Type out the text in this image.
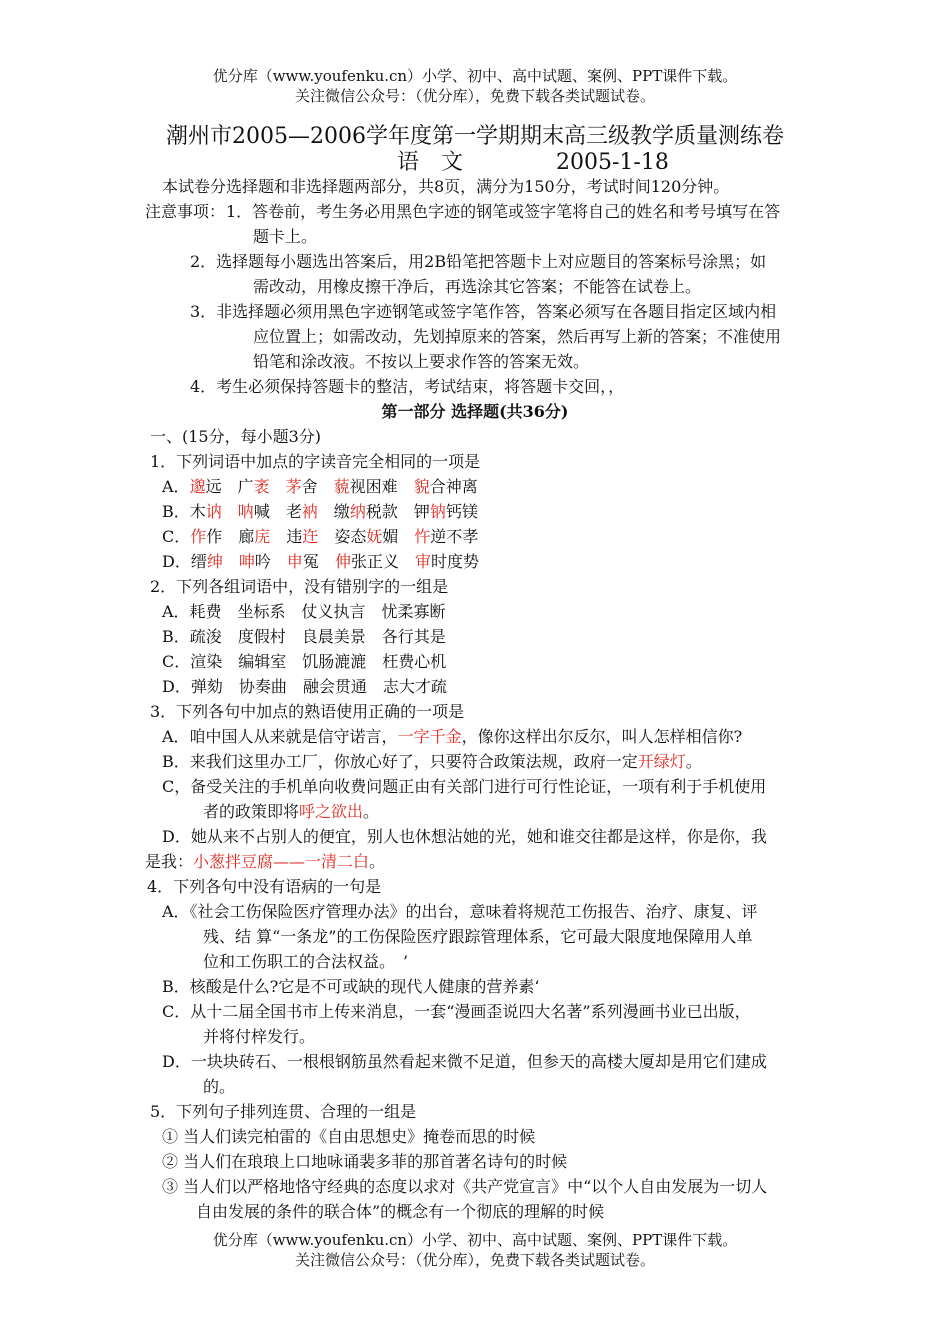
优分库（www.youfenku.cn）小学、初中、高中试题、案例、PPT课件下载。
关注微信公众号：（优分库），免费下载各类试题试卷。
潮州市2005—2006学年度第一学期期末高三级教学质量测练卷
语　文	2005-1-18
本试卷分选择题和非选择题两部分，共8页，满分为150分，考试时间120分钟。
注意事项： 1．答卷前，考生务必用黑色字迹的钢笔或签字笔将自己的姓名和考号填写在答
题卡上。
2．选择题每小题选出答案后，用2B铅笔把答题卡上对应题目的答案标号涂黑；如
需改动，用橡皮擦干净后，再选涂其它答案；不能答在试卷上。
3．非选择题必须用黑色字迹钢笔或签字笔作答，答案必须写在各题目指定区域内相
应位置上；如需改动，先划掉原来的答案，然后再写上新的答案；不准使用
铅笔和涂改液。不按以上要求作答的答案无效。
4．考生必须保持答题卡的整洁，考试结束，将答题卡交回，，
第一部分 选择题(共36分)
一、(15分，每小题3分)
1．下列词语中加点的字读音完全相同的一项是
A．邈远 广袤 茅舍 藐视困难 貌合神离
B．木讷 呐喊 老衲 缴纳税款 钾钠钙镁
C．作作 廊庑 违迕 姿态妩媚 忤逆不孝
D．缙绅 呻吟 申冤 伸张正义 审时度势
2．下列各组词语中，没有错别字的一组是
A．耗费　坐标系　仗义执言　忧柔寡断
B．疏浚　度假村　良晨美景　各行其是
C．渲染　编辑室　饥肠漉漉　枉费心机
D．弹劾　协奏曲　融会贯通　志大才疏
3．下列各句中加点的熟语使用正确的一项是
A．咱中国人从来就是信守诺言，一字千金，像你这样出尔反尔，叫人怎样相信你?
B．来我们这里办工厂，你放心好了，只要符合政策法规，政府一定开绿灯。
C，备受关注的手机单向收费问题正由有关部门进行可行性论证，一项有利于手机使用
者的政策即将呼之欲出。
D．她从来不占别人的便宜，别人也休想沾她的光，她和谁交往都是这样，你是你，我
是我：小葱拌豆腐——一清二白。
4．下列各句中没有语病的一句是
A．《社会工伤保险医疗管理办法》的出台，意味着将规范工伤报告、治疗、康复、评
残、结 算“一条龙”的工伤保险医疗跟踪管理体系，它可最大限度地保障用人单
位和工伤职工的合法权益。　’
B．核酸是什么?它是不可或缺的现代人健康的营养素‘
C．从十二届全国书市上传来消息，一套“漫画歪说四大名著”系列漫画书业已出版，
并将付梓发行。
D．一块块砖石、一根根钢筋虽然看起来微不足道，但参天的高楼大厦却是用它们建成
的。
5．下列句子排列连贯、合理的一组是
① 当人们读完柏雷的《自由思想史》掩卷而思的时候
② 当人们在琅琅上口地咏诵裴多菲的那首著名诗句的时候
③ 当人们以严格地恪守经典的态度以求对《共产党宣言》中“以个人自由发展为一切人
自由发展的条件的联合体”的概念有一个彻底的理解的时候
优分库（www.youfenku.cn）小学、初中、高中试题、案例、PPT课件下载。
关注微信公众号：（优分库），免费下载各类试题试卷。
